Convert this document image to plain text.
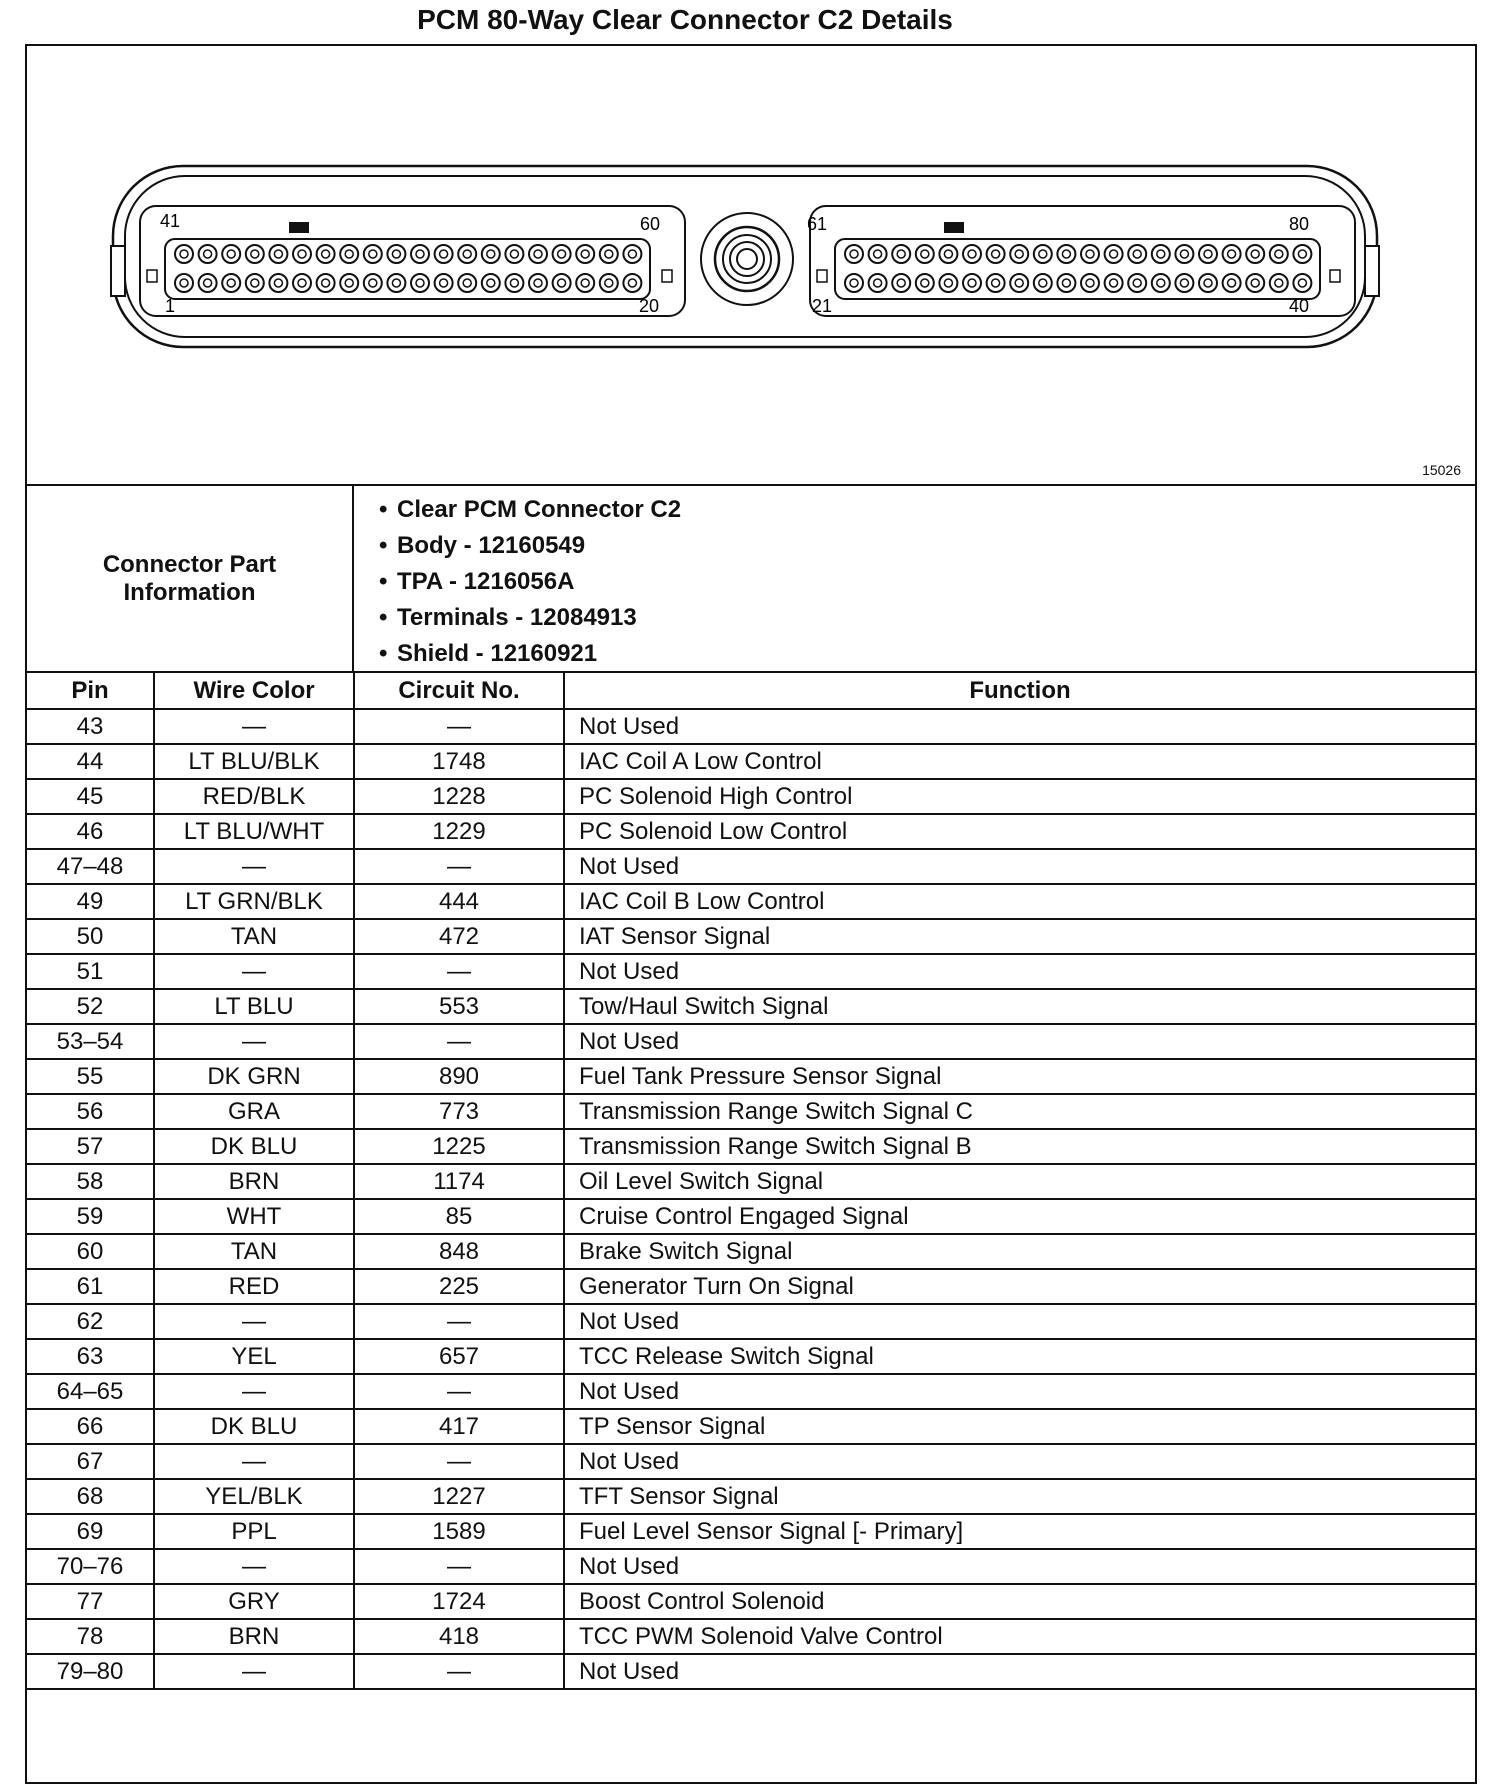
PCM 80-Way Clear Connector C2 Details
41	60
1	20
61	80
21	40
15026
Connector Part
Information
• Clear PCM Connector C2
• Body - 12160549
• TPA - 1216056A
• Terminals - 12084913
• Shield - 12160921
Pin	Wire Color	Circuit No.	Function
43	—	—	Not Used
44	LT BLU/BLK	1748	IAC Coil A Low Control
45	RED/BLK	1228	PC Solenoid High Control
46	LT BLU/WHT	1229	PC Solenoid Low Control
47–48	—	—	Not Used
49	LT GRN/BLK	444	IAC Coil B Low Control
50	TAN	472	IAT Sensor Signal
51	—	—	Not Used
52	LT BLU	553	Tow/Haul Switch Signal
53–54	—	—	Not Used
55	DK GRN	890	Fuel Tank Pressure Sensor Signal
56	GRA	773	Transmission Range Switch Signal C
57	DK BLU	1225	Transmission Range Switch Signal B
58	BRN	1174	Oil Level Switch Signal
59	WHT	85	Cruise Control Engaged Signal
60	TAN	848	Brake Switch Signal
61	RED	225	Generator Turn On Signal
62	—	—	Not Used
63	YEL	657	TCC Release Switch Signal
64–65	—	—	Not Used
66	DK BLU	417	TP Sensor Signal
67	—	—	Not Used
68	YEL/BLK	1227	TFT Sensor Signal
69	PPL	1589	Fuel Level Sensor Signal [- Primary]
70–76	—	—	Not Used
77	GRY	1724	Boost Control Solenoid
78	BRN	418	TCC PWM Solenoid Valve Control
79–80	—	—	Not Used
